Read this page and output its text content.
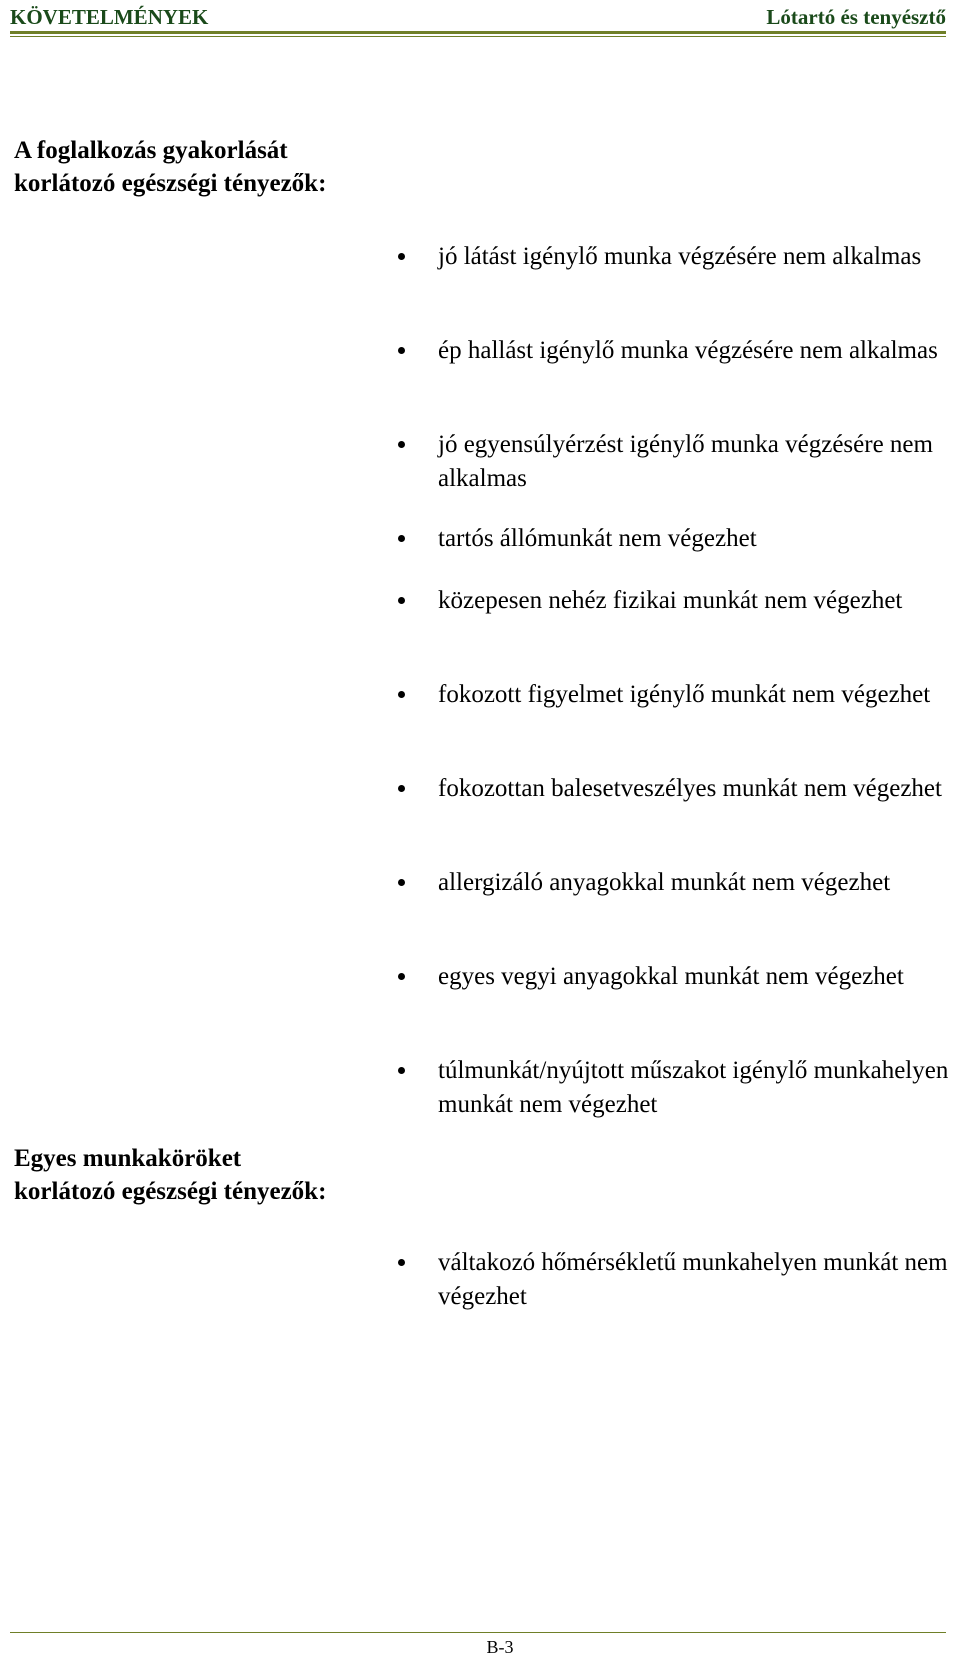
KÖVETELMÉNYEK	Lótartó és tenyésztő
A foglalkozás gyakorlását korlátozó egészségi tényezők:
jó látást igénylő munka végzésére nem alkalmas
ép hallást igénylő munka végzésére nem alkalmas
jó egyensúlyérzést igénylő munka végzésére nem alkalmas
tartós állómunkát nem végezhet
közepesen nehéz fizikai munkát nem végezhet
fokozott figyelmet igénylő munkát nem végezhet
fokozottan balesetveszélyes munkát nem végezhet
allergizáló anyagokkal munkát nem végezhet
egyes vegyi anyagokkal munkát nem végezhet
túlmunkát/nyújtott műszakot igénylő munkahelyen munkát nem végezhet
Egyes munkaköröket korlátozó egészségi tényezők:
váltakozó hőmérsékletű munkahelyen munkát nem végezhet
B-3
